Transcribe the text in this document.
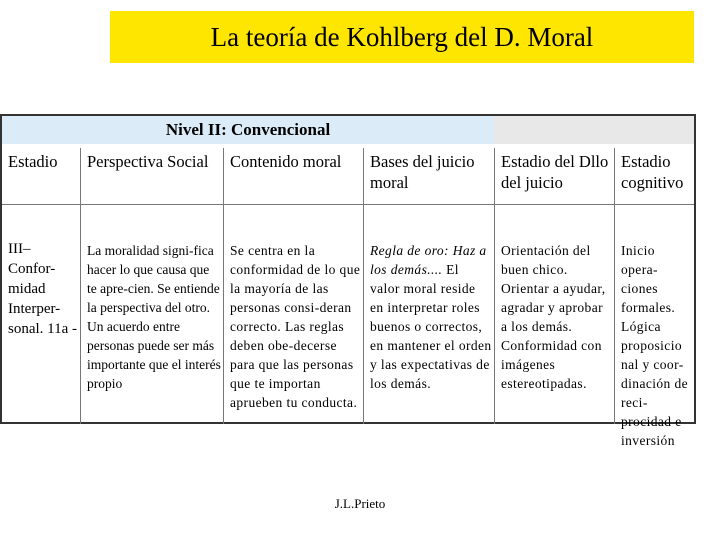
La teoría de Kohlberg del D. Moral
Nivel II: Convencional
Estadio
III– Confor-midad Interper-sonal. 11a -
Perspectiva Social
La moralidad signi-fica hacer lo que causa que te apre-cien. Se entiende la perspectiva del otro. Un acuerdo entre personas puede ser más importante que el interés propio
Contenido moral
Se centra en la conformidad de lo que la mayoría de las personas consi-deran correcto. Las reglas deben obe-decerse para que las personas que te importan aprueben tu conducta.
Bases del juicio moral
Regla de oro: Haz a los demás.... El valor moral reside en interpretar roles buenos o correctos, en mantener el orden y las expectativas de los demás.
Estadio del Dllo del juicio
Orientación del buen chico. Orientar a ayudar, agradar y aprobar a los demás. Conformidad con imágenes estereotipadas.
Estadio cognitivo
Inicio opera-ciones formales. Lógica proposicio nal y coor-dinación de reci-procidad e inversión
J.L.Prieto
